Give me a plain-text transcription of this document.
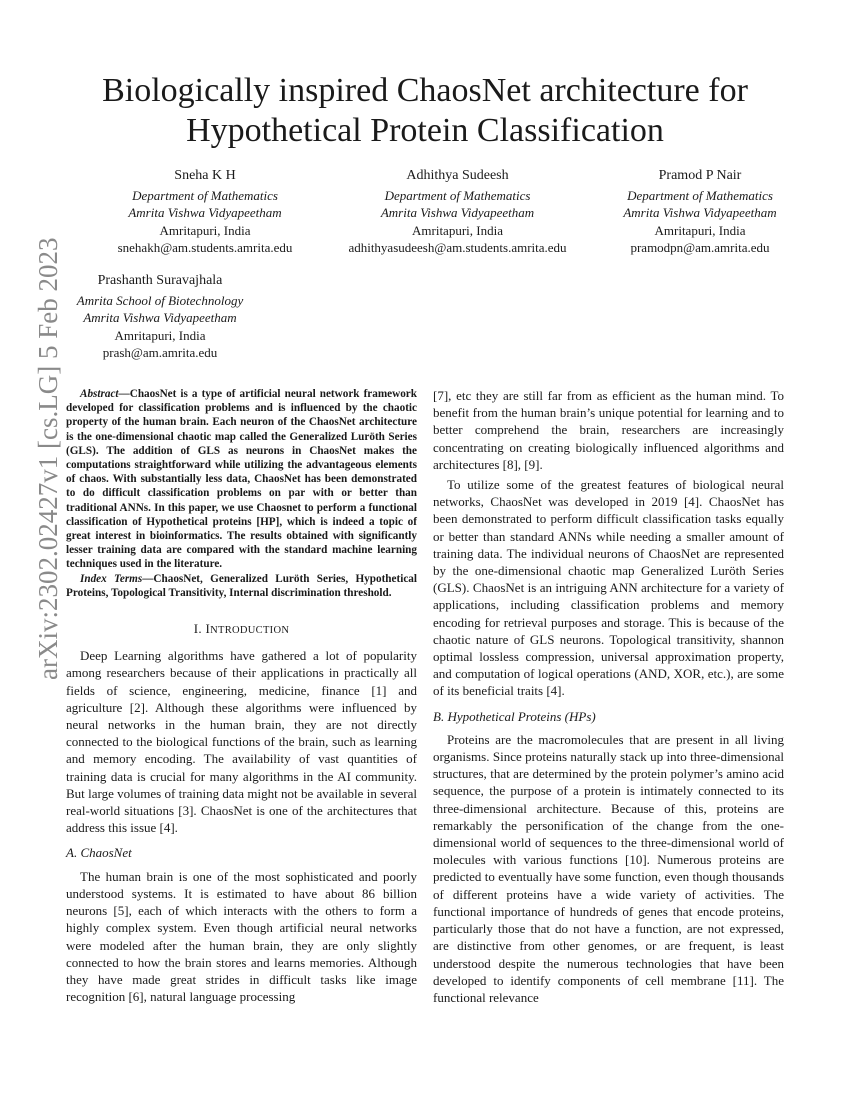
arXiv:2302.02427v1 [cs.LG] 5 Feb 2023
Biologically inspired ChaosNet architecture for Hypothetical Protein Classification
Sneha K H
Department of Mathematics
Amrita Vishwa Vidyapeetham
Amritapuri, India
snehakh@am.students.amrita.edu
Adhithya Sudeesh
Department of Mathematics
Amrita Vishwa Vidyapeetham
Amritapuri, India
adhithyasudeesh@am.students.amrita.edu
Pramod P Nair
Department of Mathematics
Amrita Vishwa Vidyapeetham
Amritapuri, India
pramodpn@am.amrita.edu
Prashanth Suravajhala
Amrita School of Biotechnology
Amrita Vishwa Vidyapeetham
Amritapuri, India
prash@am.amrita.edu

Abstract—ChaosNet is a type of artificial neural network framework developed for classification problems and is influenced by the chaotic property of the human brain. Each neuron of the ChaosNet architecture is the one-dimensional chaotic map called the Generalized Luröth Series (GLS). The addition of GLS as neurons in ChaosNet makes the computations straightforward while utilizing the advantageous elements of chaos. With substantially less data, ChaosNet has been demonstrated to do difficult classification problems on par with or better than traditional ANNs. In this paper, we use Chaosnet to perform a functional classification of Hypothetical proteins [HP], which is indeed a topic of great interest in bioinformatics. The results obtained with significantly lesser training data are compared with the standard machine learning techniques used in the literature.

Index Terms—ChaosNet, Generalized Luröth Series, Hypothetical Proteins, Topological Transitivity, Internal discrimination threshold.

I. INTRODUCTION

Deep Learning algorithms have gathered a lot of popularity among researchers because of their applications in practically all fields of science, engineering, medicine, finance [1] and agriculture [2]. Although these algorithms were influenced by neural networks in the human brain, they are not directly connected to the biological functions of the brain, such as learning and memory encoding. The availability of vast quantities of training data is crucial for many algorithms in the AI community. But large volumes of training data might not be available in several real-world situations [3]. ChaosNet is one of the architectures that address this issue [4].

A. ChaosNet

The human brain is one of the most sophisticated and poorly understood systems. It is estimated to have about 86 billion neurons [5], each of which interacts with the others to form a highly complex system. Even though artificial neural networks were modeled after the human brain, they are only slightly connected to how the brain stores and learns memories. Although they have made great strides in difficult tasks like image recognition [6], natural language processing

[7], etc they are still far from as efficient as the human mind. To benefit from the human brain’s unique potential for learning and to better comprehend the brain, researchers are increasingly concentrating on creating biologically influenced algorithms and architectures [8], [9].

To utilize some of the greatest features of biological neural networks, ChaosNet was developed in 2019 [4]. ChaosNet has been demonstrated to perform difficult classification tasks equally or better than standard ANNs while needing a smaller amount of training data. The individual neurons of ChaosNet are represented by the one-dimensional chaotic map Generalized Luröth Series (GLS). ChaosNet is an intriguing ANN architecture for a variety of applications, including classification problems and memory encoding for retrieval purposes and storage. This is because of the chaotic nature of GLS neurons. Topological transitivity, shannon optimal lossless compression, universal approximation property, and computation of logical operations (AND, XOR, etc.), are some of its beneficial traits [4].

B. Hypothetical Proteins (HPs)

Proteins are the macromolecules that are present in all living organisms. Since proteins naturally stack up into three-dimensional structures, that are determined by the protein polymer’s amino acid sequence, the purpose of a protein is intimately connected to its three-dimensional architecture. Because of this, proteins are remarkably the personification of the change from the one-dimensional world of sequences to the three-dimensional world of molecules with various functions [10]. Numerous proteins are predicted to eventually have some function, even though thousands of different proteins have a wide variety of activities. The functional importance of hundreds of genes that encode proteins, particularly those that do not have a function, are not expressed, are distinctive from other genomes, or are frequent, is least understood despite the numerous technologies that have been developed to identify components of cell membrane [11]. The functional relevance
